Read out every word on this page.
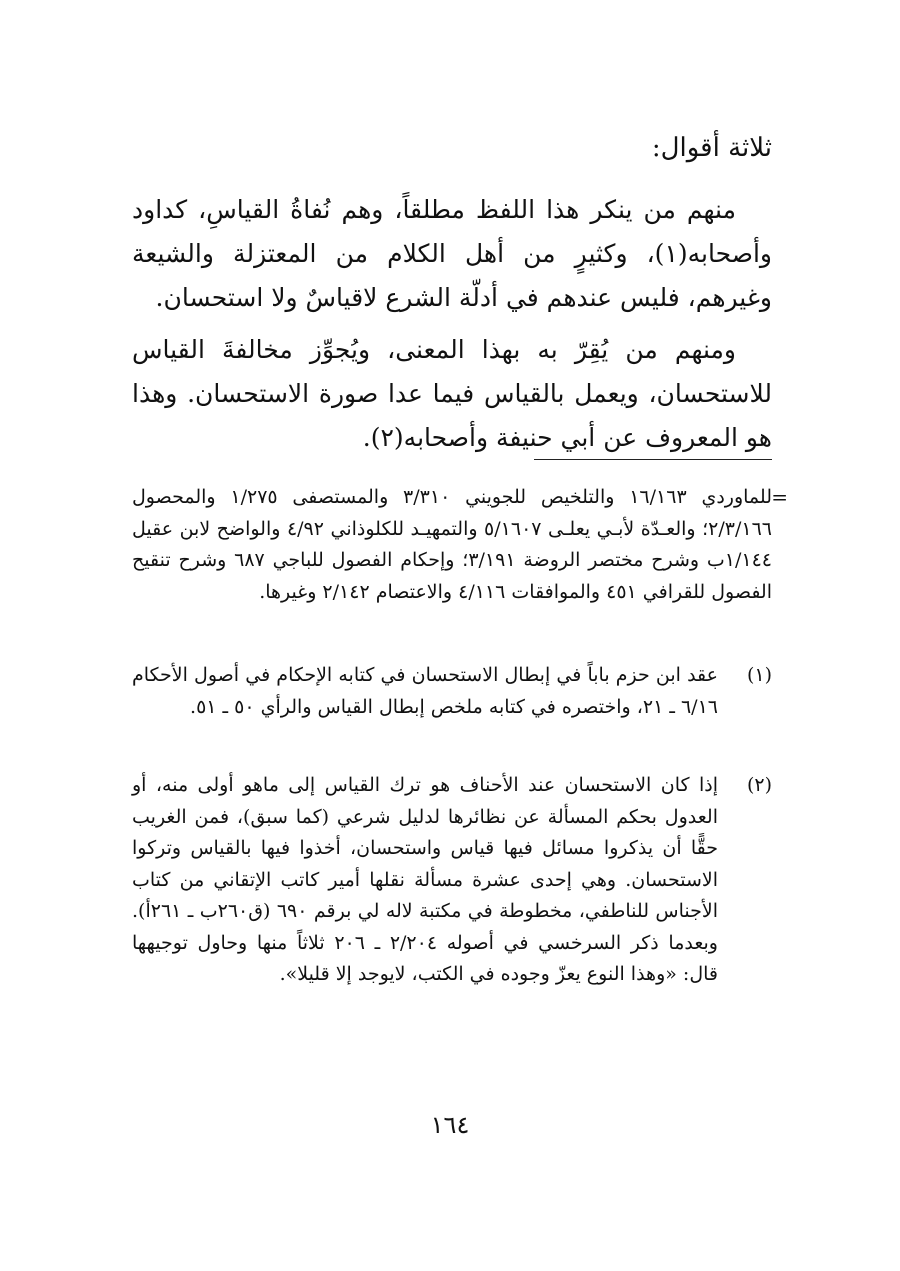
ثلاثة أقوال:

منهم من ينكر هذا اللفظ مطلقاً، وهم نُفاةُ القياسِ، كداود وأصحابه(١)، وكثيرٍ من أهل الكلام من المعتزلة والشيعة وغيرهم، فليس عندهم في أدلّة الشرع لاقياسٌ ولا استحسان.

ومنهم من يُقِرّ به بهذا المعنى، ويُجوِّز مخالفةَ القياس للاستحسان، ويعمل بالقياس فيما عدا صورة الاستحسان. وهذا هو المعروف عن أبي حنيفة وأصحابه(٢).

=

للماوردي ١٦/١٦٣ والتلخيص للجويني ٣/٣١٠ والمستصفى ١/٢٧٥ والمحصول ٢/٣/١٦٦؛ والعـدّة لأبـي يعلـى ٥/١٦٠٧ والتمهيـد للكلوذاني ٤/٩٢ والواضح لابن عقيل ١/١٤٤ب وشرح مختصر الروضة ٣/١٩١؛ وإحكام الفصول للباجي ٦٨٧ وشرح تنقيح الفصول للقرافي ٤٥١ والموافقات ٤/١١٦ والاعتصام ٢/١٤٢ وغيرها.

(١)

عقد ابن حزم باباً في إبطال الاستحسان في كتابه الإحكام في أصول الأحكام ٦/١٦ ـ ٢١، واختصره في كتابه ملخص إبطال القياس والرأي ٥٠ ـ ٥١.

(٢)

إذا كان الاستحسان عند الأحناف هو ترك القياس إلى ماهو أولى منه، أو العدول بحكم المسألة عن نظائرها لدليل شرعي (كما سبق)، فمن الغريب حقًّا أن يذكروا مسائل فيها قياس واستحسان، أخذوا فيها بالقياس وتركوا الاستحسان. وهي إحدى عشرة مسألة نقلها أمير كاتب الإتقاني من كتاب الأجناس للناطفي، مخطوطة في مكتبة لاله لي برقم ٦٩٠ (ق٢٦٠ب ـ ٢٦١أ). وبعدما ذكر السرخسي في أصوله ٢/٢٠٤ ـ ٢٠٦ ثلاثاً منها وحاول توجيهها قال: «وهذا النوع يعزّ وجوده في الكتب، لايوجد إلا قليلا».

١٦٤
